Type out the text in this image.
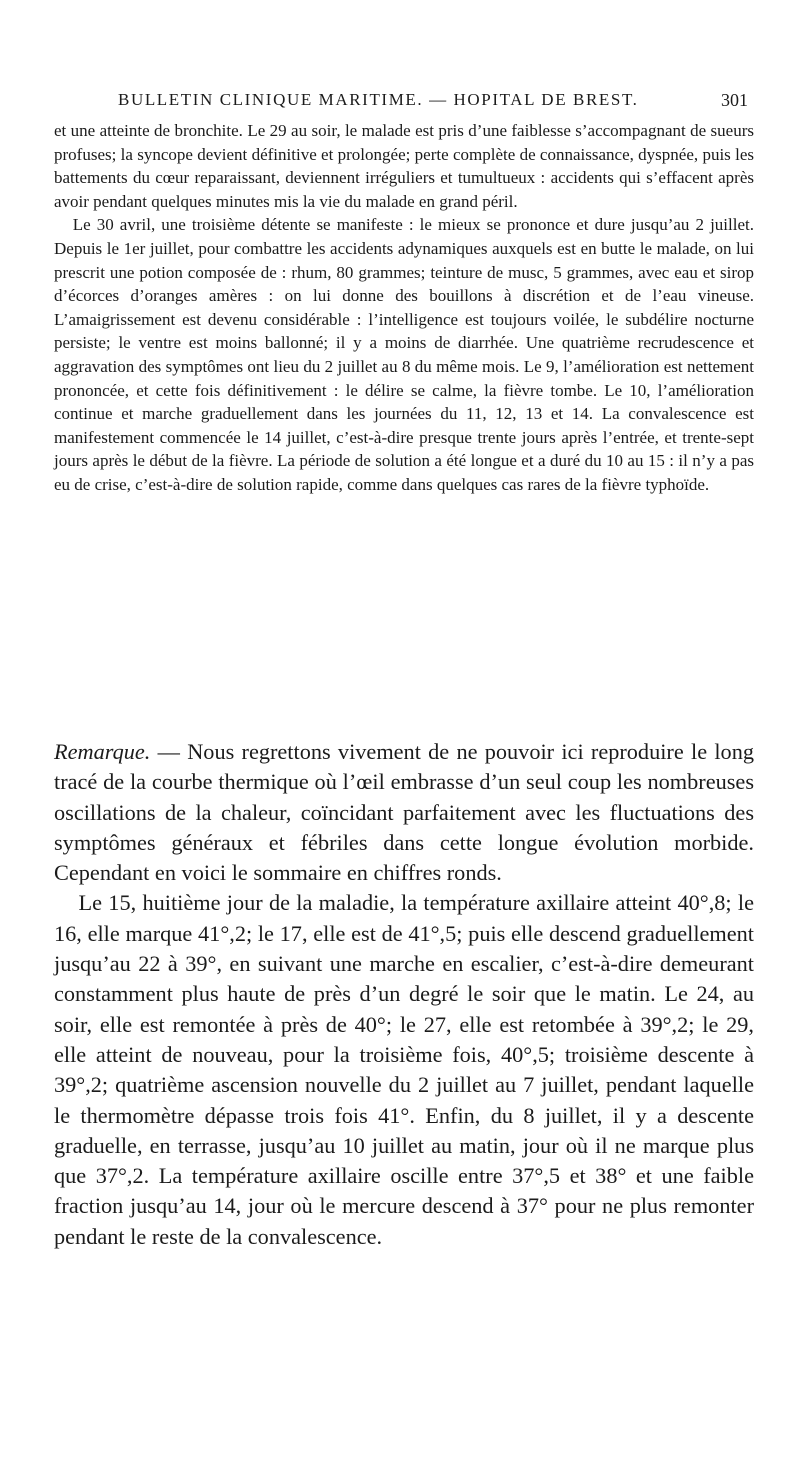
BULLETIN CLINIQUE MARITIME. — HOPITAL DE BREST.	301

et une atteinte de bronchite. Le 29 au soir, le malade est pris d’une faiblesse s’accompagnant de sueurs profuses; la syncope devient définitive et prolongée; perte complète de connaissance, dyspnée, puis les battements du cœur reparaissant, deviennent irréguliers et tumultueux : accidents qui s’effacent après avoir pendant quelques minutes mis la vie du malade en grand péril.

Le 30 avril, une troisième détente se manifeste : le mieux se prononce et dure jusqu’au 2 juillet. Depuis le 1er juillet, pour combattre les accidents adynamiques auxquels est en butte le malade, on lui prescrit une potion composée de : rhum, 80 grammes; teinture de musc, 5 grammes, avec eau et sirop d’écorces d’oranges amères : on lui donne des bouillons à discrétion et de l’eau vineuse. L’amaigrissement est devenu considérable : l’intelligence est toujours voilée, le subdélire nocturne persiste; le ventre est moins ballonné; il y a moins de diarrhée. Une quatrième recrudescence et aggravation des symptômes ont lieu du 2 juillet au 8 du même mois. Le 9, l’amélioration est nettement prononcée, et cette fois définitivement : le délire se calme, la fièvre tombe. Le 10, l’amélioration continue et marche graduellement dans les journées du 11, 12, 13 et 14. La convalescence est manifestement commencée le 14 juillet, c’est-à-dire presque trente jours après l’entrée, et trente-sept jours après le début de la fièvre. La période de solution a été longue et a duré du 10 au 15 : il n’y a pas eu de crise, c’est-à-dire de solution rapide, comme dans quelques cas rares de la fièvre typhoïde.

Remarque. — Nous regrettons vivement de ne pouvoir ici reproduire le long tracé de la courbe thermique où l’œil embrasse d’un seul coup les nombreuses oscillations de la chaleur, coïncidant parfaitement avec les fluctuations des symptômes généraux et fébriles dans cette longue évolution morbide. Cependant en voici le sommaire en chiffres ronds.

Le 15, huitième jour de la maladie, la température axillaire atteint 40°,8; le 16, elle marque 41°,2; le 17, elle est de 41°,5; puis elle descend graduellement jusqu’au 22 à 39°, en suivant une marche en escalier, c’est-à-dire demeurant constamment plus haute de près d’un degré le soir que le matin. Le 24, au soir, elle est remontée à près de 40°; le 27, elle est retombée à 39°,2; le 29, elle atteint de nouveau, pour la troisième fois, 40°,5; troisième descente à 39°,2; quatrième ascension nouvelle du 2 juillet au 7 juillet, pendant laquelle le thermomètre dépasse trois fois 41°. Enfin, du 8 juillet, il y a descente graduelle, en terrasse, jusqu’au 10 juillet au matin, jour où il ne marque plus que 37°,2. La température axillaire oscille entre 37°,5 et 38° et une faible fraction jusqu’au 14, jour où le mercure descend à 37° pour ne plus remonter pendant le reste de la convalescence.
